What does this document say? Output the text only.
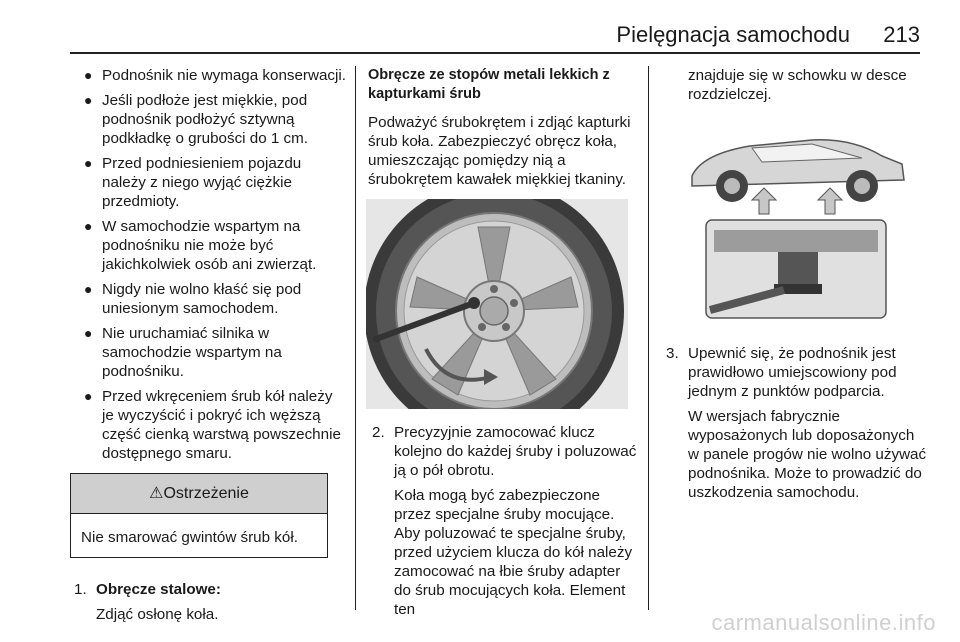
Pielęgnacja samochodu 213
● Podnośnik nie wymaga konserwacji.
● Jeśli podłoże jest miękkie, pod podnośnik podłożyć sztywną podkładkę o grubości do 1 cm.
● Przed podniesieniem pojazdu należy z niego wyjąć ciężkie przedmioty.
● W samochodzie wspartym na podnośniku nie może być jakichkolwiek osób ani zwierząt.
● Nigdy nie wolno kłaść się pod uniesionym samochodem.
● Nie uruchamiać silnika w samochodzie wspartym na podnośniku.
● Przed wkręceniem śrub kół należy je wyczyścić i pokryć ich węższą część cienką warstwą powszechnie dostępnego smaru.
⚠Ostrzeżenie
Nie smarować gwintów śrub kół.
1. Obręcze stalowe:

Zdjąć osłonę koła.

Obręcze ze stopów metali lekkich z kapturkami śrub

Podważyć śrubokrętem i zdjąć kapturki śrub koła. Zabezpieczyć obręcz koła, umieszczając pomiędzy nią a śrubokrętem kawałek miękkiej tkaniny.

2. Precyzyjnie zamocować klucz kolejno do każdej śruby i poluzować ją o pół obrotu.

Koła mogą być zabezpieczone przez specjalne śruby mocujące. Aby poluzować te specjalne śruby, przed użyciem klucza do kół należy zamocować na łbie śruby adapter do śrub mocujących koła. Element ten

znajduje się w schowku w desce rozdzielczej.

3. Upewnić się, że podnośnik jest prawidłowo umiejscowiony pod jednym z punktów podparcia.

W wersjach fabrycznie wyposażonych lub doposażonych w panele progów nie wolno używać podnośnika. Może to prowadzić do uszkodzenia samochodu.

carmanualsonline.info
